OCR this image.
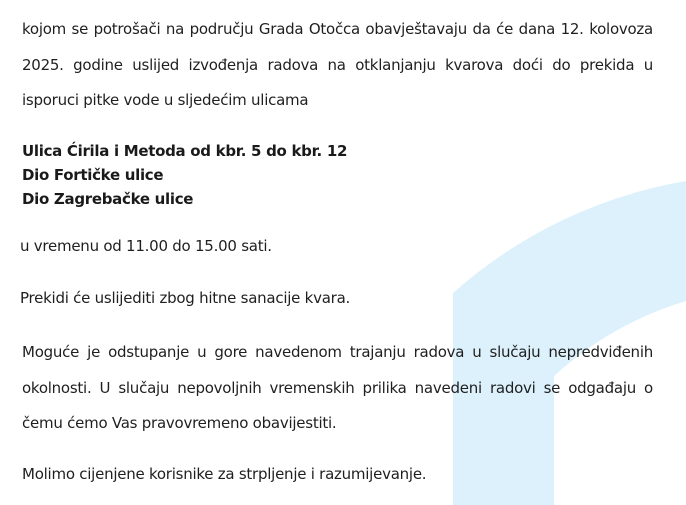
kojom se potrošači na području Grada Otočca obavještavaju da će dana 12. kolovoza 2025. godine uslijed izvođenja radova na otklanjanju kvarova doći do prekida u isporuci pitke vode u sljedećim ulicama

Ulica Ćirila i Metoda od kbr. 5 do kbr. 12
Dio Fortičke ulice
Dio Zagrebačke ulice

u vremenu od 11.00 do 15.00 sati.

Prekidi će uslijediti zbog hitne sanacije kvara.

Moguće je odstupanje u gore navedenom trajanju radova u slučaju nepredviđenih okolnosti. U slučaju nepovoljnih vremenskih prilika navedeni radovi se odgađaju o čemu ćemo Vas pravovremeno obavijestiti.

Molimo cijenjene korisnike za strpljenje i razumijevanje.
